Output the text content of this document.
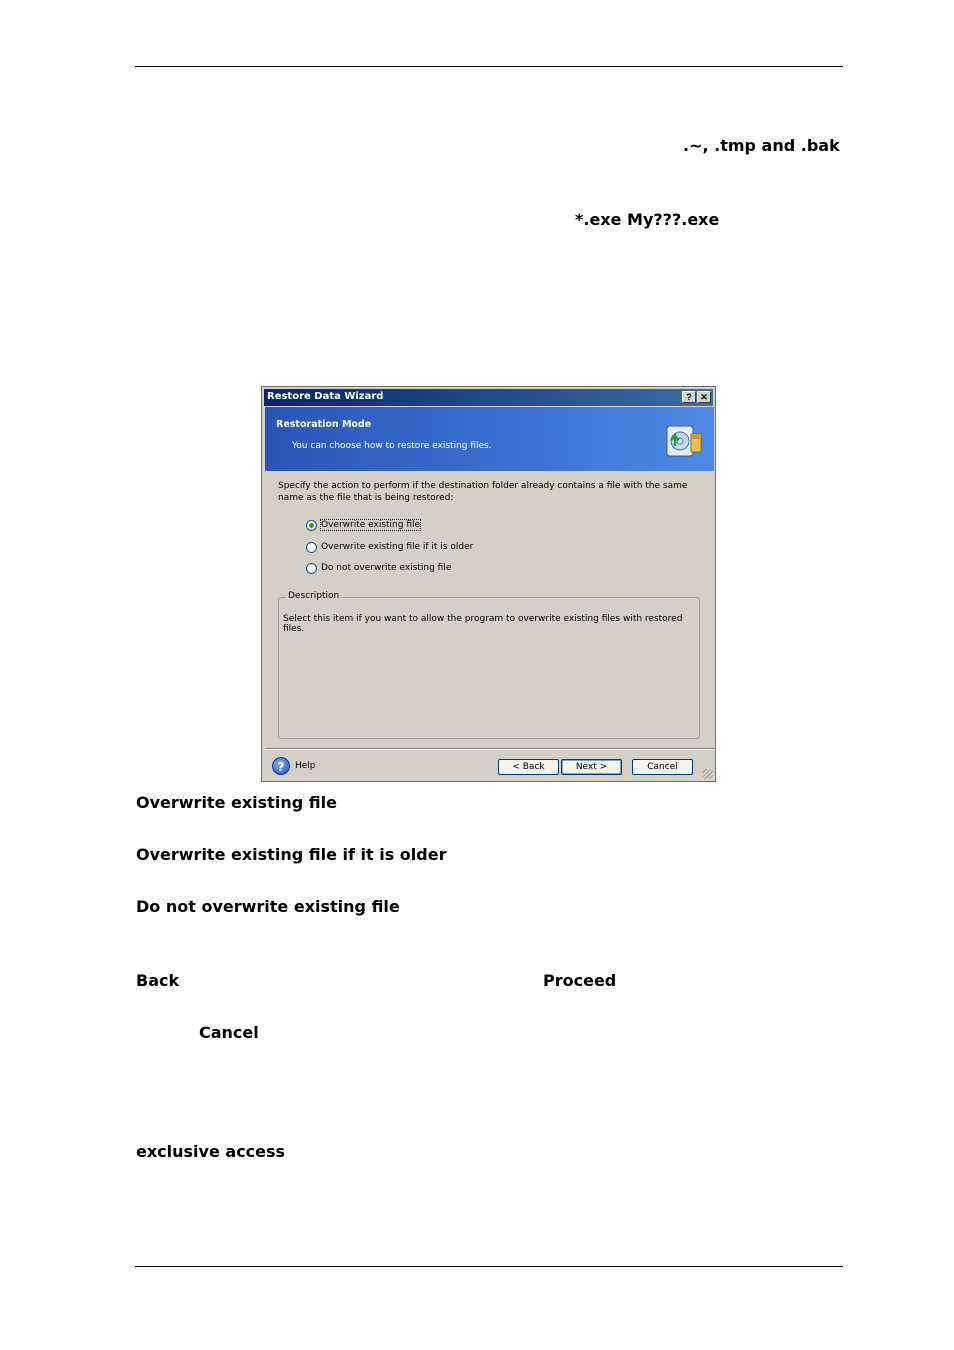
.~, .tmp and .bak
*.exe My???.exe
Restore Data Wizard	? ✕
Restoration Mode
You can choose how to restore existing files.
Specify the action to perform if the destination folder already contains a file with the same name as the file that is being restored:
Overwrite existing file
Overwrite existing file if it is older
Do not overwrite existing file
Description
Select this item if you want to allow the program to overwrite existing files with restored files.
?	Help	< Back	Next >	Cancel
Overwrite existing file
Overwrite existing file if it is older
Do not overwrite existing file
Back	Proceed
Cancel
exclusive access
